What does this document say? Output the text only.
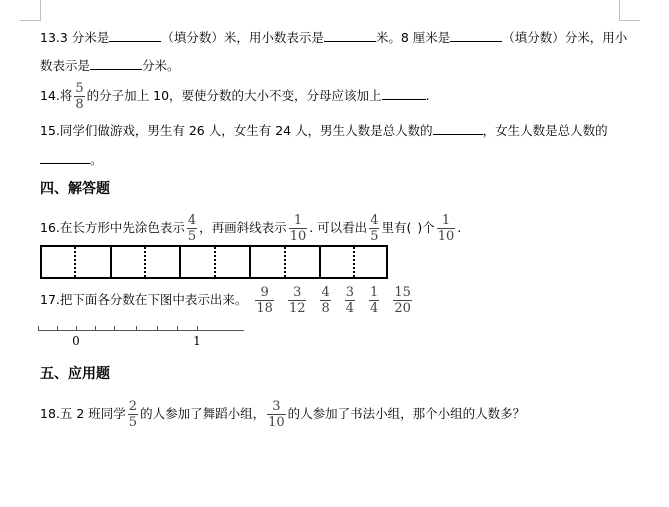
13.3 分米是	（填分数）米，用小数表示是	米。8 厘米是	（填分数）分米，用小
数表示是	分米。
14.将 $\frac{5}{8}$ 的分子加上 10，要使分数的大小不变，分母应该加上	.
15.同学们做游戏，男生有 26 人，女生有 24 人，男生人数是总人数的	，女生人数是总人数的
。
四、解答题
16.在长方形中先涂色表示 $\frac{4}{5}$ ，再画斜线表示 $\frac{1}{10}$ . 可以看出 $\frac{4}{5}$ 里有( )个 $\frac{1}{10}$ .
17.把下面各分数在下图中表示出来。 $\frac{9}{18} \frac{3}{12} \frac{4}{8} \frac{3}{4} \frac{1}{4} \frac{15}{20}$
0	1
五、应用题
18.五 2 班同学 $\frac{2}{5}$ 的人参加了舞蹈小组， $\frac{3}{10}$ 的人参加了书法小组，那个小组的人数多？
